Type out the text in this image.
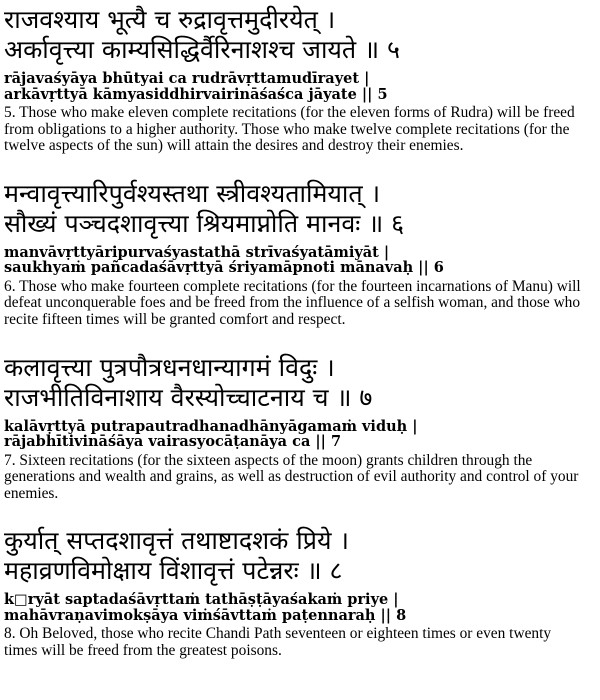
राजवश्याय भूत्यै च रुद्रावृत्तमुदीरयेत् ।
अर्कावृत्त्या काम्यसिद्धिर्वैरिनाशश्च जायते ॥ ५
rājavaśyāya bhūtyai ca rudrāvṛttamudīrayet |
arkāvṛttyā kāmyasiddhirvairināśaśca jāyate || 5

5. Those who make eleven complete recitations (for the eleven forms of Rudra) will be freed from obligations to a higher authority. Those who make twelve complete recitations (for the twelve aspects of the sun) will attain the desires and destroy their enemies.

मन्वावृत्त्यारिपुर्वश्यस्तथा स्त्रीवश्यतामियात् ।
सौख्यं पञ्चदशावृत्त्या श्रियमाप्नोति मानवः ॥ ६
manvāvṛttyāripurvaśyastathā strīvaśyatāmiyāt |
saukhyaṁ pañcadaśāvṛttyā śriyamāpnoti mānavaḥ || 6

6. Those who make fourteen complete recitations (for the fourteen incarnations of Manu) will defeat unconquerable foes and be freed from the influence of a selfish woman, and those who recite fifteen times will be granted comfort and respect.

कलावृत्त्या पुत्रपौत्रधनधान्यागमं विदुः ।
राजभीतिविनाशाय वैरस्योच्चाटनाय च ॥ ७
kalāvṛttyā putrapautradhanadhānyāgamaṁ viduḥ |
rājabhītivināśāya vairasyocāṭanāya ca || 7

7. Sixteen recitations (for the sixteen aspects of the moon) grants children through the generations and wealth and grains, as well as destruction of evil authority and control of your enemies.

कुर्यात् सप्तदशावृत्तं तथाष्टादशकं प्रिये ।
महाव्रणविमोक्षाय विंशावृत्तं पटेन्नरः ॥ ८
k□ryāt saptadaśāvṛttaṁ tathāṣṭāyaśakaṁ priye |
mahāvraṇavimokṣāya viṁśāvttaṁ paṭennaraḥ || 8

8. Oh Beloved, those who recite Chandi Path seventeen or eighteen times or even twenty times will be freed from the greatest poisons.
